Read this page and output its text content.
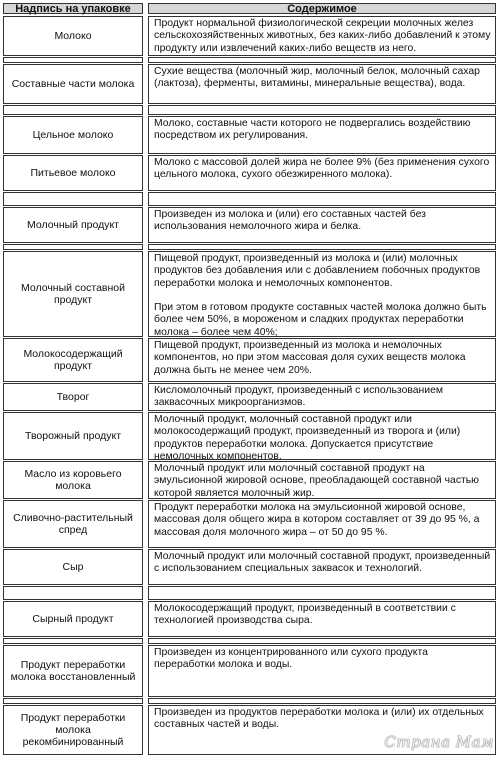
Надпись на упаковке	Содержимое
Молоко
Продукт нормальной физиологической секреции молочных желез сельскохозяйственных животных, без каких-либо добавлений к этому продукту или извлечений каких-либо веществ из него.
Составные части молока
Сухие вещества (молочный жир, молочный белок, молочный сахар (лактоза), ферменты, витамины, минеральные вещества), вода.
Цельное молоко
Молоко, составные части которого не подвергались воздействию посредством их регулирования.
Питьевое молоко
Молоко с массовой долей жира не более 9% (без применения сухого цельного молока, сухого обезжиренного молока).
Молочный продукт
Произведен из молока и (или) его составных частей без использования немолочного жира и белка.
Молочный составной продукт
Пищевой продукт, произведенный из молока и (или) молочных продуктов без добавления или с добавлением побочных продуктов переработки молока и немолочных компонентов.

При этом в готовом продукте составных частей молока должно быть более чем 50%, в мороженом и сладких продуктах переработки молока – более чем 40%;
Молокосодержащий продукт
Пищевой продукт, произведенный из молока и немолочных компонентов, но при этом массовая доля сухих веществ молока должна быть не менее чем 20%.
Творог
Кисломолочный продукт, произведенный с использованием заквасочных микроорганизмов.
Творожный продукт
Молочный продукт, молочный составной продукт или молокосодержащий продукт, произведенный из творога и (или) продуктов переработки молока. Допускается присутствие немолочных компонентов.
Масло из коровьего молока
Молочный продукт или молочный составной продукт на эмульсионной жировой основе, преобладающей составной частью которой является молочный жир.
Сливочно-растительный спред
Продукт переработки молока на эмульсионной жировой основе, массовая доля общего жира в котором составляет от 39 до 95 %, а массовая доля молочного жира – от 50 до 95 %.
Сыр
Молочный продукт или молочный составной продукт, произведенный с использованием специальных заквасок и технологий.
Сырный продукт
Молокосодержащий продукт, произведенный в соответствии с технологией производства сыра.
Продукт переработки молока восстановленный
Произведен из концентрированного или сухого продукта переработки молока и воды.
Продукт переработки молока рекомбинированный
Произведен из продуктов переработки молока и (или) их отдельных составных частей и воды.
Страна Мам
